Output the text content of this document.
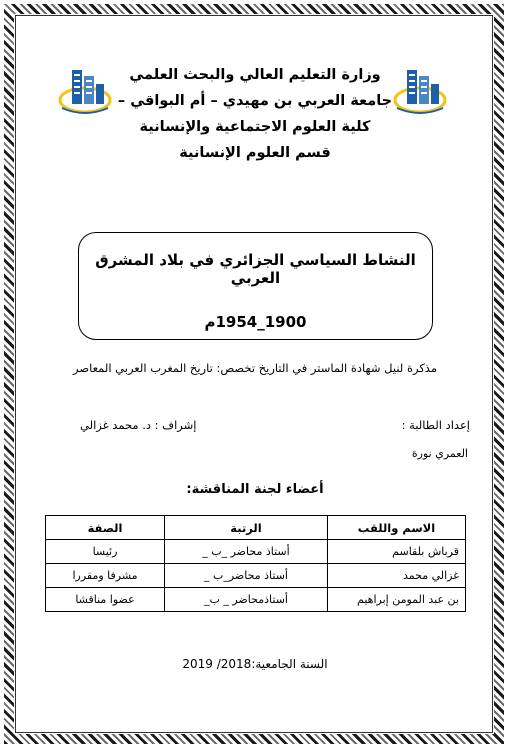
وزارة التعليم العالي والبحث العلمي
جامعة العربي بن مهيدي – أم البواقي –
كلية العلوم الاجتماعية والإنسانية
قسم العلوم الإنسانية
النشاط السياسي الجزائري في بلاد المشرق العربي
1900_1954م
مذكرة لنيل شهادة الماستر في التاريخ تخصص: تاريخ المغرب العربي المعاصر
إعداد الطالبة :
العمري نورة
إشراف : د. محمد غزالي
أعضاء لجنة المناقشة:
الاسم واللقب	الرتبة	الصفة
قرباش بلقاسم	أستاذ محاضر _ب _	رئيسا
غزالي محمد	أستاذ محاضر_ب _	مشرفا ومقررا
بن عبد المومن إبراهيم	أستاذمحاضر _ ب_	عضوا مناقشا
السنة الجامعية:2018/ 2019
